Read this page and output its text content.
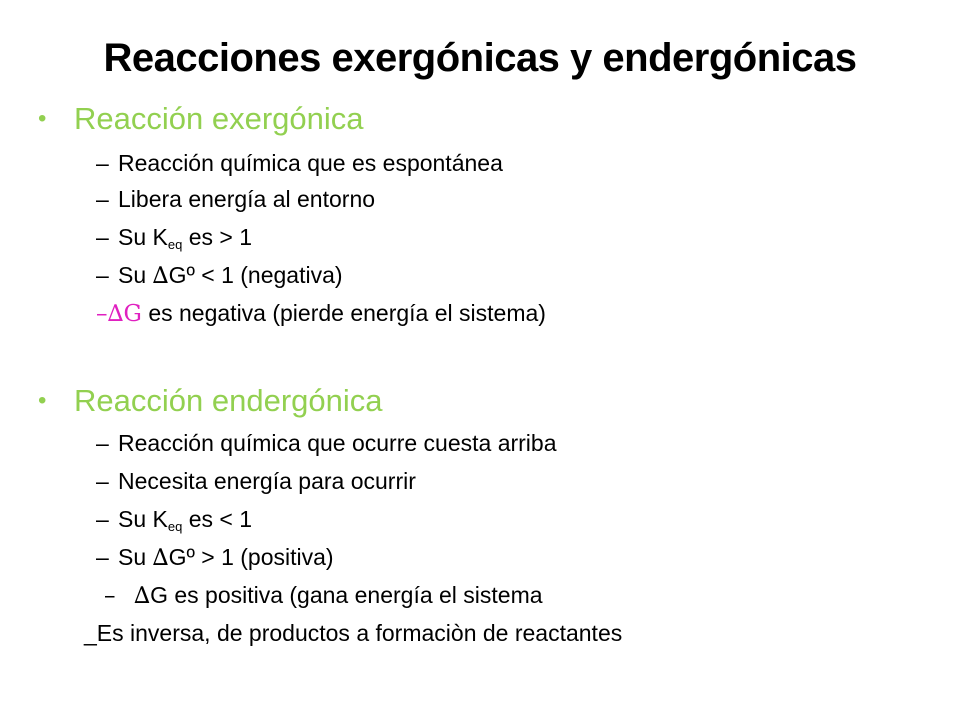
Reacciones exergónicas y endergónicas
• Reacción exergónica
– Reacción química que es espontánea
– Libera energía al entorno
– Su $K_{eq}$ es > 1
– Su ∆Gº < 1 (negativa)
–∆G es negativa (pierde energía el sistema)
• Reacción endergónica
– Reacción química que ocurre cuesta arriba
– Necesita energía para ocurrir
– Su $K_{eq}$ es < 1
– Su ∆Gº > 1 (positiva)
– ∆G es positiva (gana energía el sistema
_Es inversa, de productos a formaciòn de reactantes
